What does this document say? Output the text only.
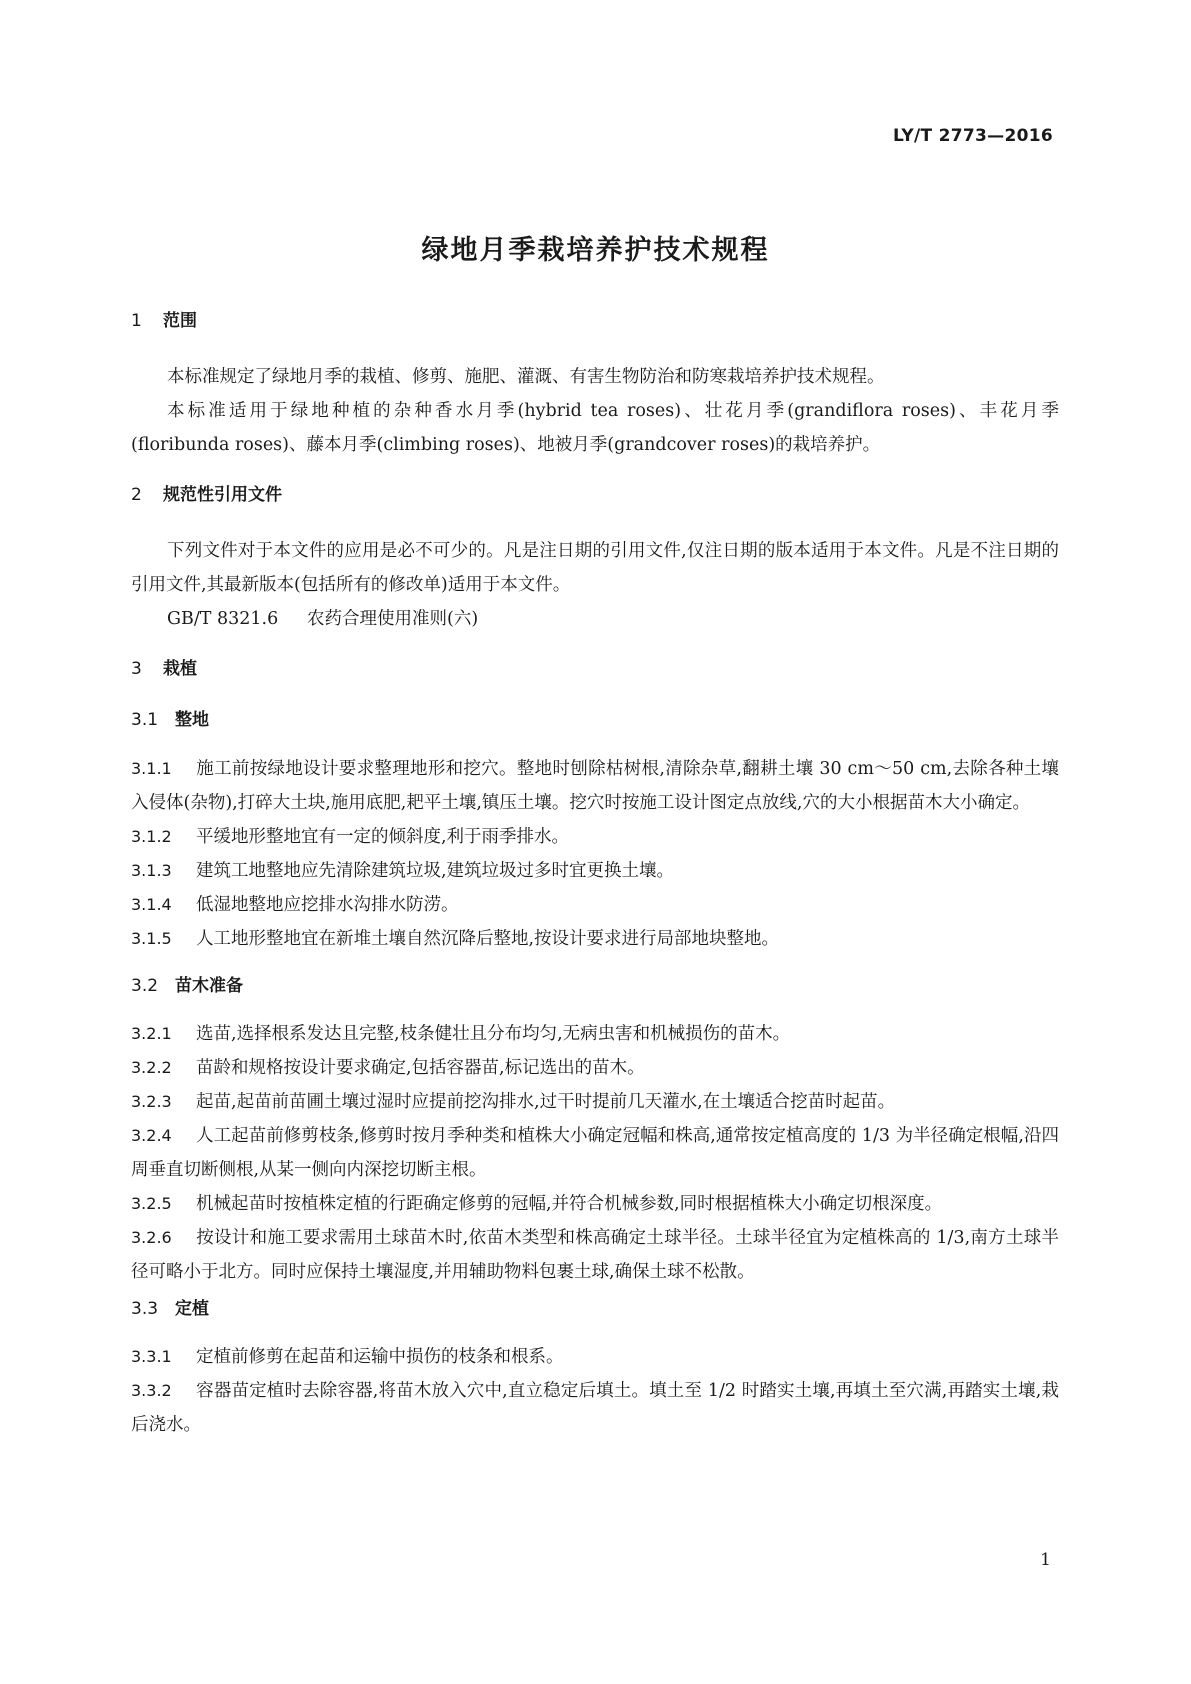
LY/T 2773—2016
绿地月季栽培养护技术规程
1 范围
本标准规定了绿地月季的栽植、修剪、施肥、灌溉、有害生物防治和防寒栽培养护技术规程。
本标准适用于绿地种植的杂种香水月季(hybrid tea roses)、壮花月季(grandiflora roses)、丰花月季(floribunda roses)、藤本月季(climbing roses)、地被月季(grandcover roses)的栽培养护。
2 规范性引用文件
下列文件对于本文件的应用是必不可少的。凡是注日期的引用文件,仅注日期的版本适用于本文件。凡是不注日期的引用文件,其最新版本(包括所有的修改单)适用于本文件。
GB/T 8321.6 农药合理使用准则(六)
3 栽植
3.1 整地
3.1.1 施工前按绿地设计要求整理地形和挖穴。整地时刨除枯树根,清除杂草,翻耕土壤 30 cm～50 cm,去除各种土壤入侵体(杂物),打碎大土块,施用底肥,耙平土壤,镇压土壤。挖穴时按施工设计图定点放线,穴的大小根据苗木大小确定。
3.1.2 平缓地形整地宜有一定的倾斜度,利于雨季排水。
3.1.3 建筑工地整地应先清除建筑垃圾,建筑垃圾过多时宜更换土壤。
3.1.4 低湿地整地应挖排水沟排水防涝。
3.1.5 人工地形整地宜在新堆土壤自然沉降后整地,按设计要求进行局部地块整地。
3.2 苗木准备
3.2.1 选苗,选择根系发达且完整,枝条健壮且分布均匀,无病虫害和机械损伤的苗木。
3.2.2 苗龄和规格按设计要求确定,包括容器苗,标记选出的苗木。
3.2.3 起苗,起苗前苗圃土壤过湿时应提前挖沟排水,过干时提前几天灌水,在土壤适合挖苗时起苗。
3.2.4 人工起苗前修剪枝条,修剪时按月季种类和植株大小确定冠幅和株高,通常按定植高度的 1/3 为半径确定根幅,沿四周垂直切断侧根,从某一侧向内深挖切断主根。
3.2.5 机械起苗时按植株定植的行距确定修剪的冠幅,并符合机械参数,同时根据植株大小确定切根深度。
3.2.6 按设计和施工要求需用土球苗木时,依苗木类型和株高确定土球半径。土球半径宜为定植株高的 1/3,南方土球半径可略小于北方。同时应保持土壤湿度,并用辅助物料包裹土球,确保土球不松散。
3.3 定植
3.3.1 定植前修剪在起苗和运输中损伤的枝条和根系。
3.3.2 容器苗定植时去除容器,将苗木放入穴中,直立稳定后填土。填土至 1/2 时踏实土壤,再填土至穴满,再踏实土壤,栽后浇水。
1
